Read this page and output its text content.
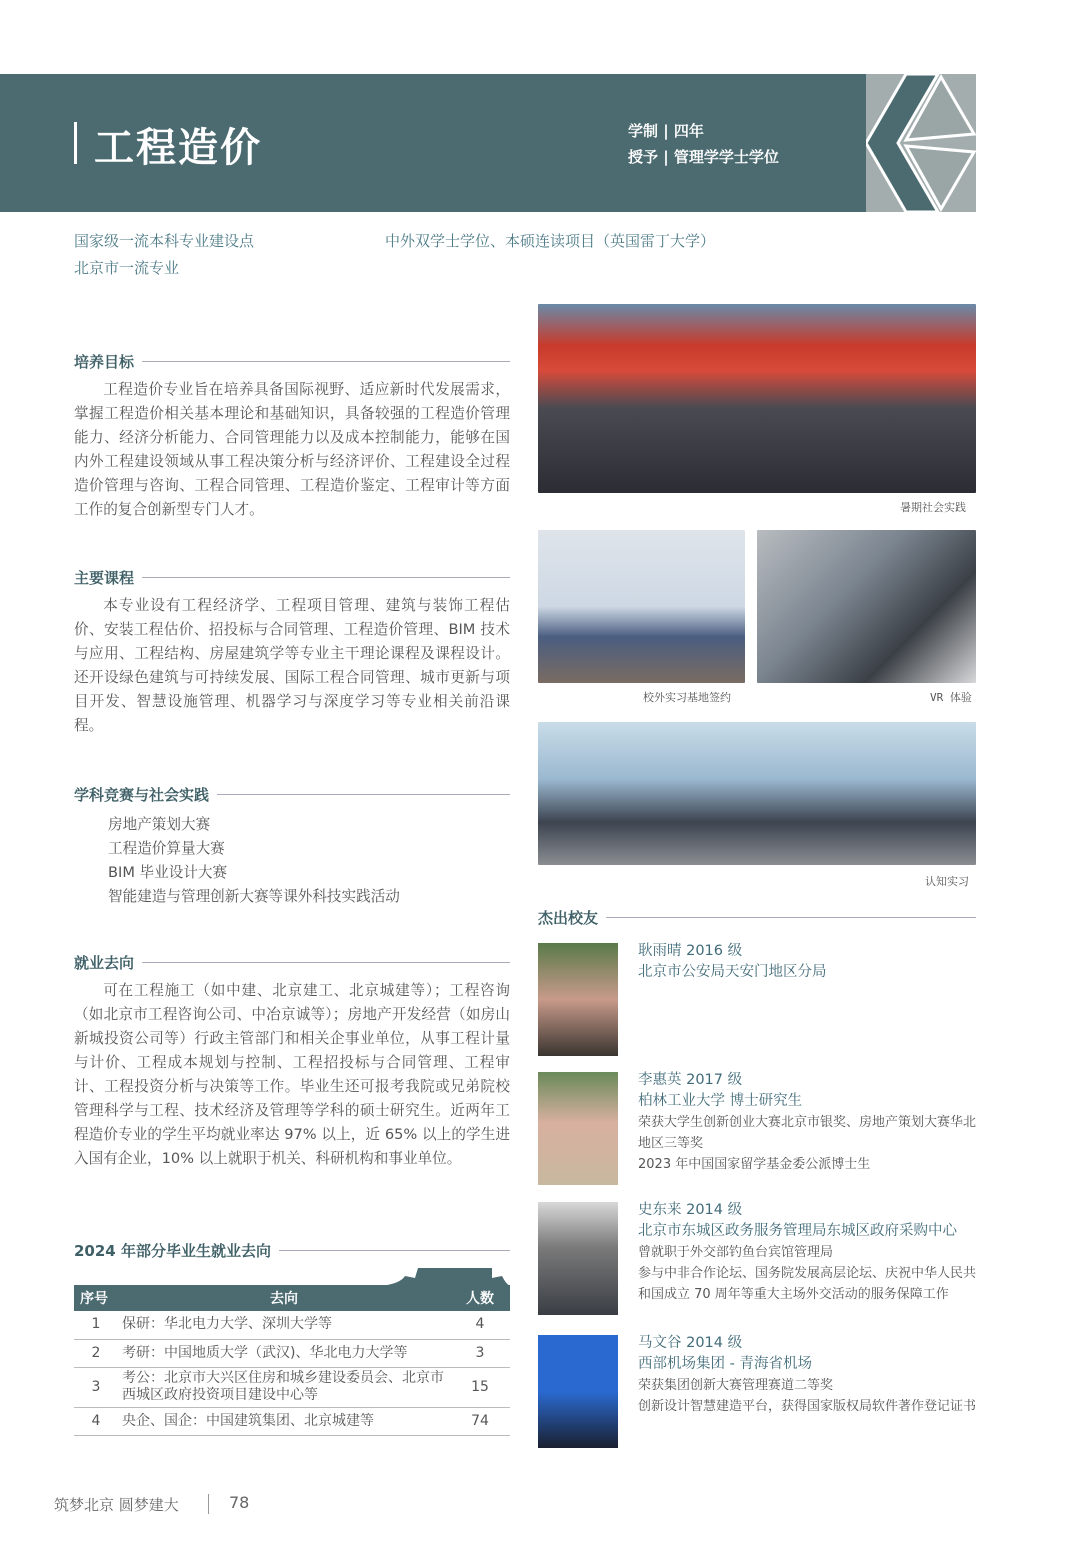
工程造价	学制 | 四年
授予 | 管理学学士学位
国家级一流本科专业建设点
北京市一流专业
中外双学士学位、本硕连读项目（英国雷丁大学）
培养目标
工程造价专业旨在培养具备国际视野、适应新时代发展需求，掌握工程造价相关基本理论和基础知识，具备较强的工程造价管理能力、经济分析能力、合同管理能力以及成本控制能力，能够在国内外工程建设领域从事工程决策分析与经济评价、工程建设全过程造价管理与咨询、工程合同管理、工程造价鉴定、工程审计等方面工作的复合创新型专门人才。
主要课程
本专业设有工程经济学、工程项目管理、建筑与装饰工程估价、安装工程估价、招投标与合同管理、工程造价管理、BIM 技术与应用、工程结构、房屋建筑学等专业主干理论课程及课程设计。还开设绿色建筑与可持续发展、国际工程合同管理、城市更新与项目开发、智慧设施管理、机器学习与深度学习等专业相关前沿课程。
学科竞赛与社会实践
房地产策划大赛
工程造价算量大赛
BIM 毕业设计大赛
智能建造与管理创新大赛等课外科技实践活动
就业去向
可在工程施工（如中建、北京建工、北京城建等）；工程咨询（如北京市工程咨询公司、中冶京诚等）；房地产开发经营（如房山新城投资公司等）行政主管部门和相关企事业单位，从事工程计量与计价、工程成本规划与控制、工程招投标与合同管理、工程审计、工程投资分析与决策等工作。毕业生还可报考我院或兄弟院校管理科学与工程、技术经济及管理等学科的硕士研究生。近两年工程造价专业的学生平均就业率达 97% 以上，近 65% 以上的学生进入国有企业，10% 以上就职于机关、科研机构和事业单位。
2024 年部分毕业生就业去向
序号	去向	人数
1	保研：华北电力大学、深圳大学等	4
2	考研：中国地质大学（武汉)、华北电力大学等	3
3	考公：北京市大兴区住房和城乡建设委员会、北京市西城区政府投资项目建设中心等	15
4	央企、国企：中国建筑集团、北京城建等	74
暑期社会实践
校外实习基地签约	VR 体验
认知实习
杰出校友
耿雨晴 2016 级
北京市公安局天安门地区分局
李惠英 2017 级
柏林工业大学 博士研究生
荣获大学生创新创业大赛北京市银奖、房地产策划大赛华北地区三等奖
2023 年中国国家留学基金委公派博士生
史东来 2014 级
北京市东城区政务服务管理局东城区政府采购中心
曾就职于外交部钓鱼台宾馆管理局
参与中非合作论坛、国务院发展高层论坛、庆祝中华人民共和国成立 70 周年等重大主场外交活动的服务保障工作
马文谷 2014 级
西部机场集团 - 青海省机场
荣获集团创新大赛管理赛道二等奖
创新设计智慧建造平台，获得国家版权局软件著作登记证书
筑梦北京 圆梦建大	78
